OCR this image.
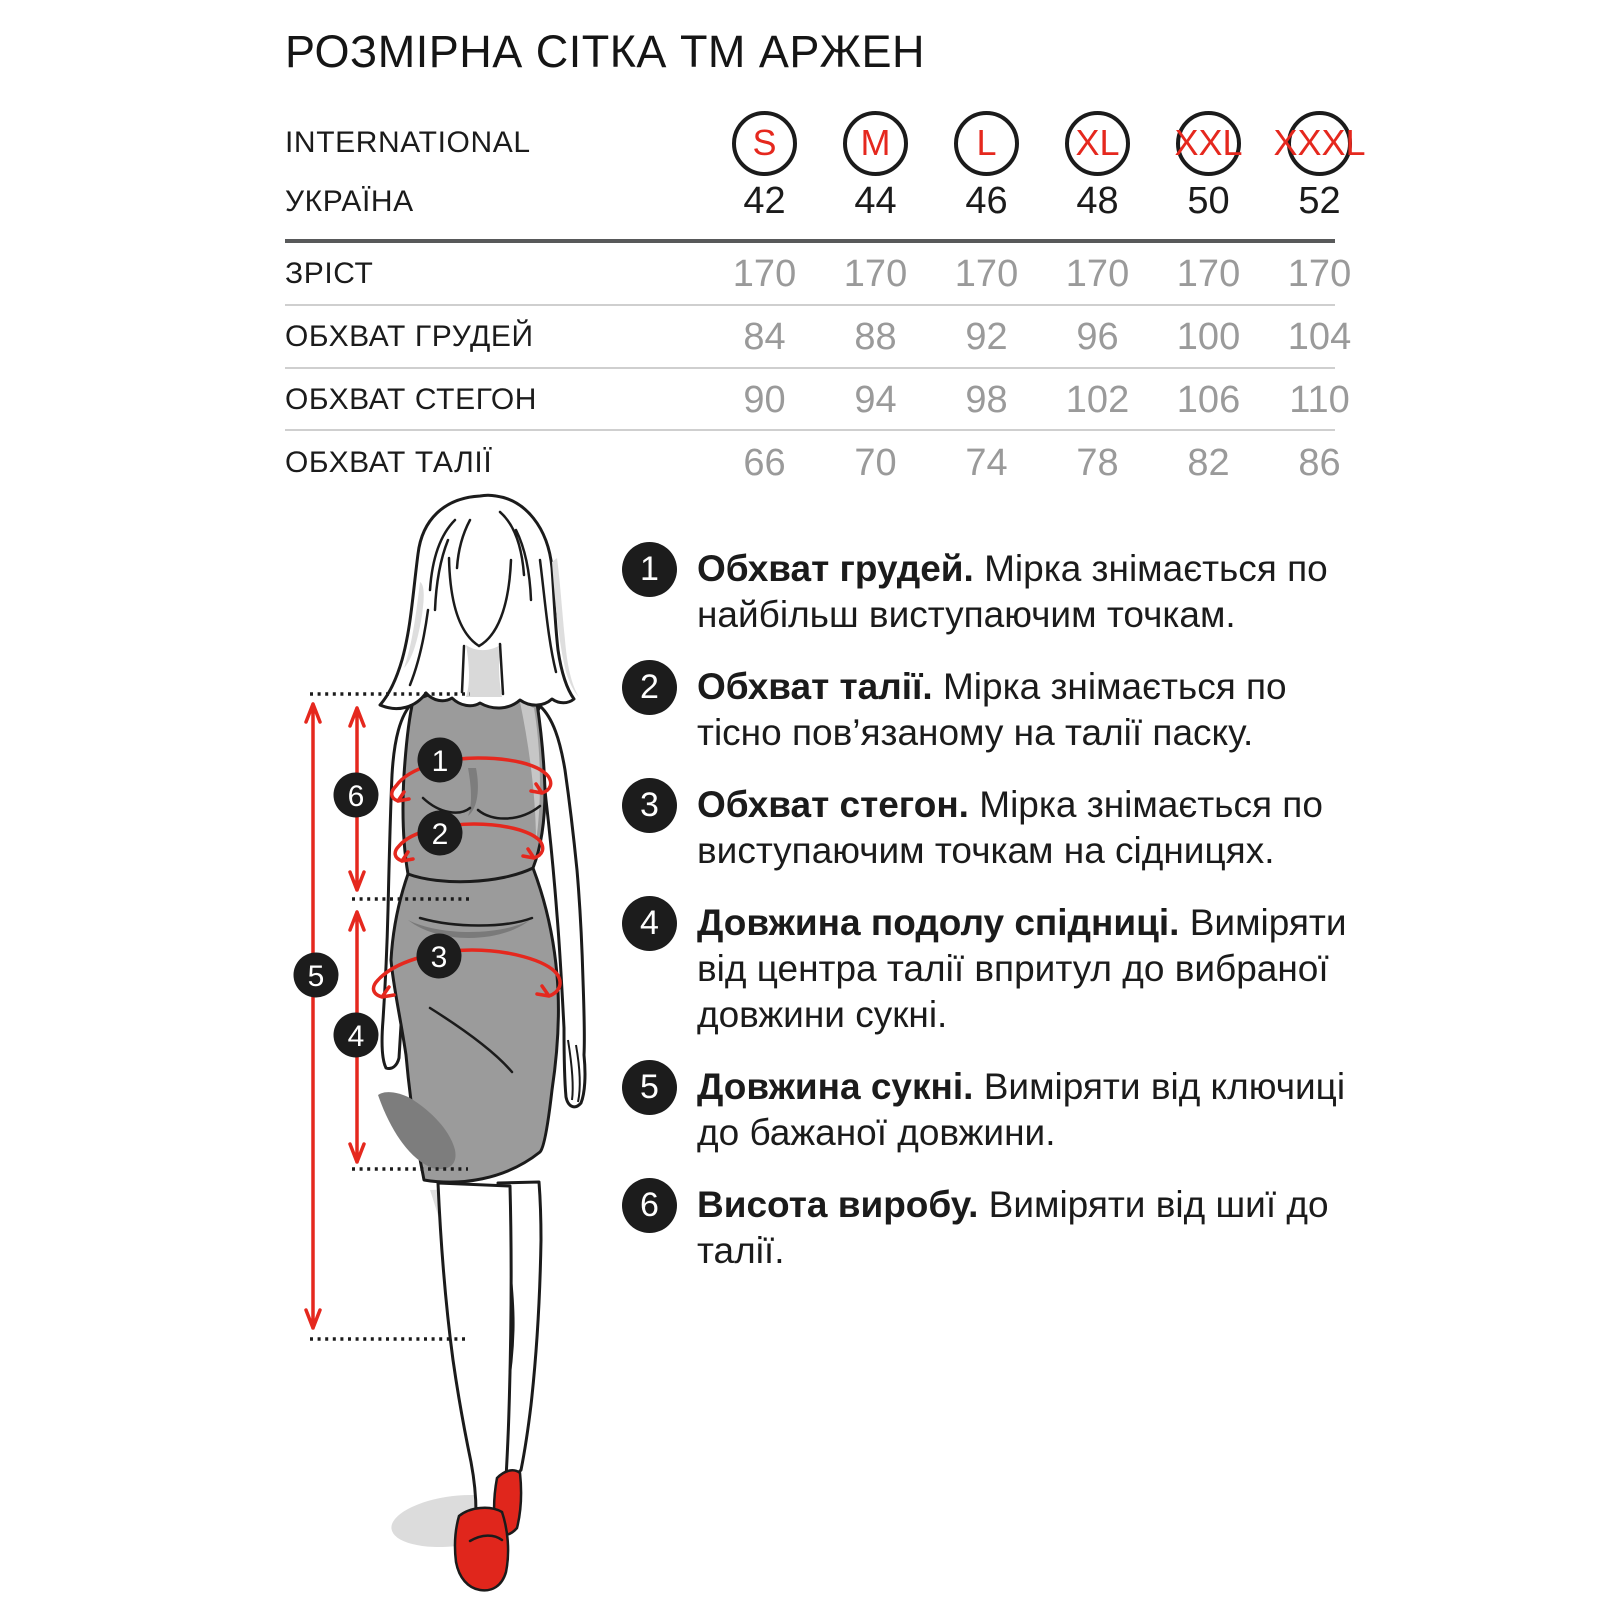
РОЗМІРНА СІТКА ТМ АРЖЕН
INTERNATIONAL	S M L XL XXL XXXL
УКРАЇНА	42	44	46	48	50	52
ЗРІСТ	170	170	170	170	170	170
ОБХВАТ ГРУДЕЙ	84	88	92	96	100	104
ОБХВАТ СТЕГОН	90	94	98	102	106	110
ОБХВАТ ТАЛІЇ	66	70	74	78	82	86
1
2
3
4
5
6
1	Обхват грудей. Мірка знімається по найбільш виступаючим точкам.
2	Обхват талії. Мірка знімається по тісно пов’язаному на талії паску.
3	Обхват стегон. Мірка знімається по виступаючим точкам на сідницях.
4	Довжина подолу спідниці. Виміряти від центра талії впритул до вибраної довжини сукні.
5	Довжина сукні. Виміряти від ключиці до бажаної довжини.
6	Висота виробу. Виміряти від шиї до талії.
